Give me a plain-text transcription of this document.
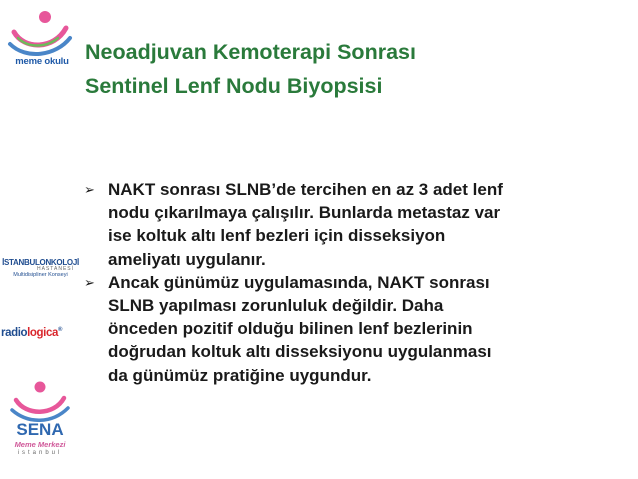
meme okulu
İSTANBULONKOLOJİ
HASTANESİ
Multidisipliner Konseyi
radiologica®
SENA
Meme Merkezi
istanbul
Neoadjuvan Kemoterapi Sonrası
Sentinel Lenf Nodu Biyopsisi
➢ NAKT sonrası SLNB’de tercihen en az 3 adet lenf
nodu çıkarılmaya çalışılır. Bunlarda metastaz var
ise koltuk altı lenf bezleri için disseksiyon
ameliyatı uygulanır.
➢ Ancak günümüz uygulamasında, NAKT sonrası
SLNB yapılması zorunluluk değildir. Daha
önceden pozitif olduğu bilinen lenf bezlerinin
doğrudan koltuk altı disseksiyonu uygulanması
da günümüz pratiğine uygundur.
